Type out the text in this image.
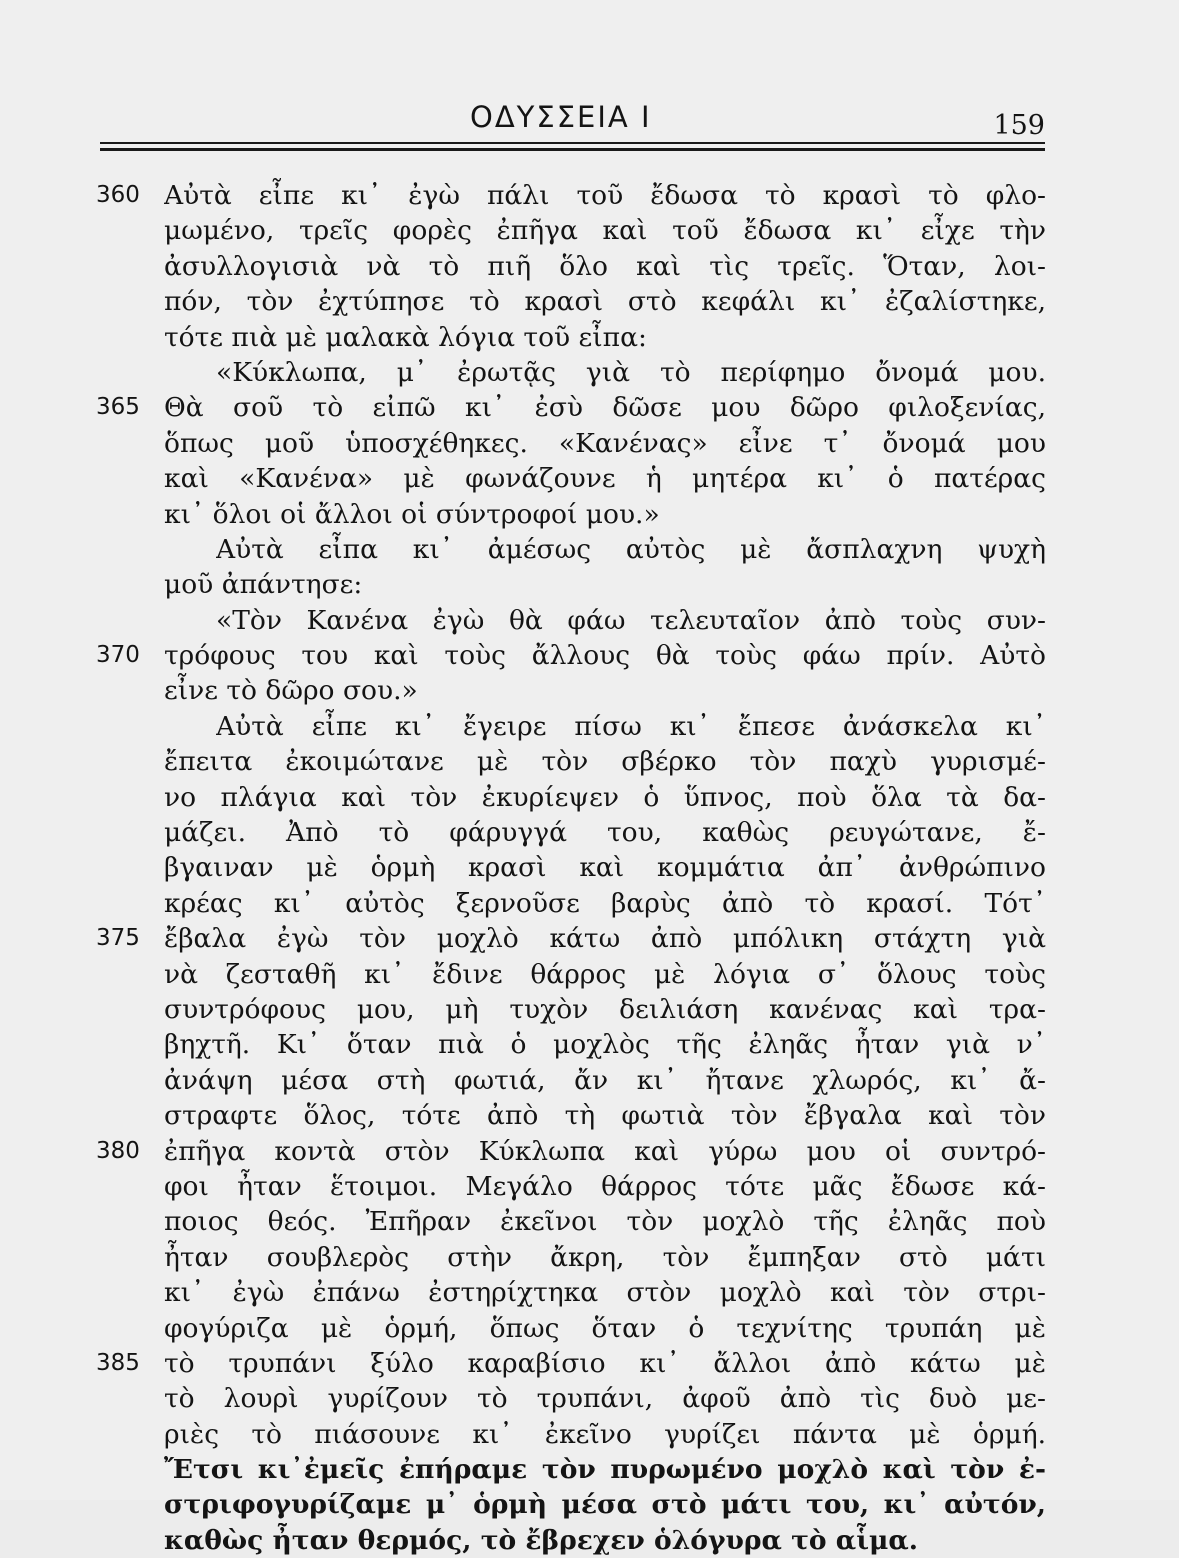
ΟΔΥΣΣΕΙΑ Ι	159
360 Αὐτὰ εἶπε κι᾿ ἐγὼ πάλι τοῦ ἔδωσα τὸ κρασὶ τὸ φλο-
μωμένο, τρεῖς φορὲς ἐπῆγα καὶ τοῦ ἔδωσα κι᾿ εἶχε τὴν
ἀσυλλογισιὰ νὰ τὸ πιῆ ὅλο καὶ τὶς τρεῖς. Ὅταν, λοι-
πόν, τὸν ἐχτύπησε τὸ κρασὶ στὸ κεφάλι κι᾿ ἐζαλίστηκε,
τότε πιὰ μὲ μαλακὰ λόγια τοῦ εἶπα:
«Κύκλωπα, μ᾿ ἐρωτᾷς γιὰ τὸ περίφημο ὄνομά μου.
365 Θὰ σοῦ τὸ εἰπῶ κι᾿ ἐσὺ δῶσε μου δῶρο φιλοξενίας,
ὅπως μοῦ ὑποσχέθηκες. «Κανένας» εἶνε τ᾿ ὄνομά μου
καὶ «Κανένα» μὲ φωνάζουνε ἡ μητέρα κι᾿ ὁ πατέρας
κι᾿ ὅλοι οἱ ἄλλοι οἱ σύντροφοί μου.»
Αὐτὰ εἶπα κι᾿ ἀμέσως αὐτὸς μὲ ἄσπλαχνη ψυχὴ
μοῦ ἀπάντησε:
«Τὸν Κανένα ἐγὼ θὰ φάω τελευταῖον ἀπὸ τοὺς συν-
370 τρόφους του καὶ τοὺς ἄλλους θὰ τοὺς φάω πρίν. Αὐτὸ
εἶνε τὸ δῶρο σου.»
Αὐτὰ εἶπε κι᾿ ἔγειρε πίσω κι᾿ ἔπεσε ἀνάσκελα κι᾿
ἔπειτα ἐκοιμώτανε μὲ τὸν σβέρκο τὸν παχὺ γυρισμέ-
νο πλάγια καὶ τὸν ἐκυρίεψεν ὁ ὕπνος, ποὺ ὅλα τὰ δα-
μάζει. Ἀπὸ τὸ φάρυγγά του, καθὼς ρευγώτανε, ἔ-
βγαιναν μὲ ὁρμὴ κρασὶ καὶ κομμάτια ἀπ᾿ ἀνθρώπινο
κρέας κι᾿ αὐτὸς ξερνοῦσε βαρὺς ἀπὸ τὸ κρασί. Τότ᾿
375 ἔβαλα ἐγὼ τὸν μοχλὸ κάτω ἀπὸ μπόλικη στάχτη γιὰ
νὰ ζεσταθῆ κι᾿ ἔδινε θάρρος μὲ λόγια σ᾿ ὅλους τοὺς
συντρόφους μου, μὴ τυχὸν δειλιάση κανένας καὶ τρα-
βηχτῆ. Κι᾿ ὅταν πιὰ ὁ μοχλὸς τῆς ἐληᾶς ἦταν γιὰ ν᾿
ἀνάψη μέσα στὴ φωτιά, ἄν κι᾿ ἤτανε χλωρός, κι᾿ ἄ-
στραφτε ὅλος, τότε ἀπὸ τὴ φωτιὰ τὸν ἔβγαλα καὶ τὸν
380 ἐπῆγα κοντὰ στὸν Κύκλωπα καὶ γύρω μου οἱ συντρό-
φοι ἦταν ἕτοιμοι. Μεγάλο θάρρος τότε μᾶς ἔδωσε κά-
ποιος θεός. Ἐπῆραν ἐκεῖνοι τὸν μοχλὸ τῆς ἐληᾶς ποὺ
ἦταν σουβλερὸς στὴν ἄκρη, τὸν ἔμπηξαν στὸ μάτι
κι᾿ ἐγὼ ἐπάνω ἐστηρίχτηκα στὸν μοχλὸ καὶ τὸν στρι-
φογύριζα μὲ ὁρμή, ὅπως ὅταν ὁ τεχνίτης τρυπάη μὲ
385 τὸ τρυπάνι ξύλο καραβίσιο κι᾿ ἄλλοι ἀπὸ κάτω μὲ
τὸ λουρὶ γυρίζουν τὸ τρυπάνι, ἀφοῦ ἀπὸ τὶς δυὸ με-
ριὲς τὸ πιάσουνε κι᾿ ἐκεῖνο γυρίζει πάντα μὲ ὁρμή.
Ἔτσι κι᾿ἐμεῖς ἐπήραμε τὸν πυρωμένο μοχλὸ καὶ τὸν ἐ-
στριφογυρίζαμε μ᾿ ὁρμὴ μέσα στὸ μάτι του, κι᾿ αὐτόν,
καθὼς ἦταν θερμός, τὸ ἔβρεχεν ὁλόγυρα τὸ αἷμα.
